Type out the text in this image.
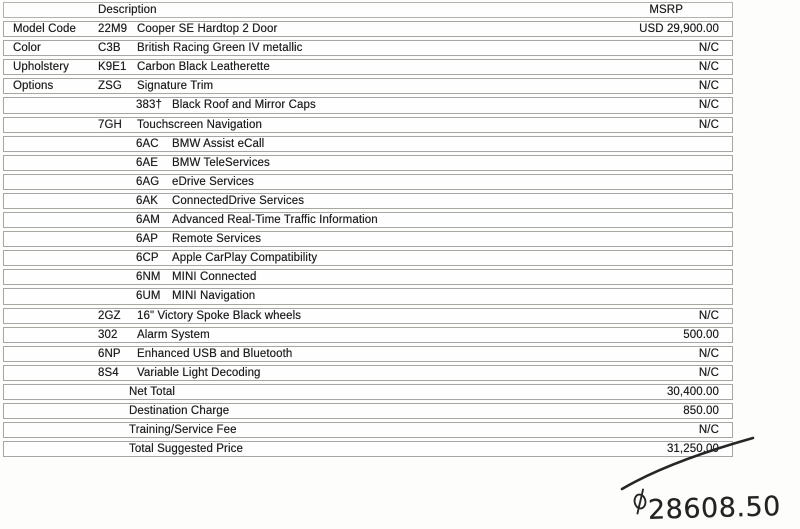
Description	MSRP
Model Code 22M9 Cooper SE Hardtop 2 Door	USD 29,900.00
Color	C3B British Racing Green IV metallic	N/C
Upholstery	K9E1 Carbon Black Leatherette	N/C
Options	ZSG Signature Trim	N/C
383† Black Roof and Mirror Caps	N/C
7GH Touchscreen Navigation	N/C
6AC BMW Assist eCall
6AE BMW TeleServices
6AG eDrive Services
6AK ConnectedDrive Services
6AM Advanced Real-Time Traffic Information
6AP Remote Services
6CP Apple CarPlay Compatibility
6NM MINI Connected
6UM MINI Navigation
2GZ 16" Victory Spoke Black wheels	N/C
302 Alarm System	500.00
6NP Enhanced USB and Bluetooth	N/C
8S4 Variable Light Decoding	N/C
Net Total	30,400.00
Destination Charge	850.00
Training/Service Fee	N/C
Total Suggested Price	31,250.00
28608.50
